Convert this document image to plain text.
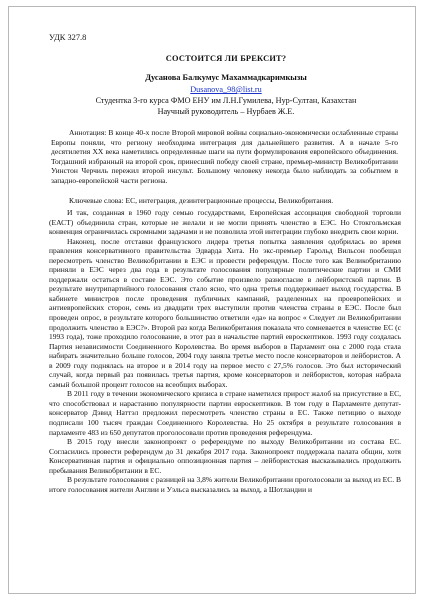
УДК 327.8
СОСТОИТСЯ ЛИ БРЕКСИТ?
Дусанова Балкумус Махаммадкаримкызы
Dusanova_98@list.ru
Студентка 3-го курса ФМО ЕНУ им Л.Н.Гумилева, Нур-Султан, Казахстан
Научный руководитель – Нурбаев Ж.Е.

Аннотация: В конце 40-х после Второй мировой войны социально-экономически ослабленные страны Европы поняли, что региону необходима интеграция для дальнейшего развития. А в начале 5-го десятилетия XX века наметились определенные шаги на пути формулирования европейского объединения. Тогдашний избранный на второй срок, принесший победу своей стране, премьер-министр Великобритании Уинстон Черчиль пережил второй инсульт. Большому человеку некогда было наблюдать за событием в западно-европейской части региона.

Ключевые слова: ЕС, интеграция, дезинтеграционные процессы, Великобритания.

И так, созданная в 1960 году семью государствами, Европейская ассоциация свободной торговли (ЕАСТ) объединила стран, которые не желали и не могли принять членство в ЕЭС. Но Стокгольмская конвенция ограничилась скромными задачами и не позволила этой интеграции глубоко внедрить свои корни.

Наконец, после отставки французского лидера третья попытка заявления одобрилась во время правления консервативного правительства Эдварда Хита. Но экс-премьер Гарольд Вильсон пообещал пересмотреть членство Великобритании в ЕЭС и провести референдум. После того как Великобританию приняли в ЕЭС через два года в результате голосования популярные политические партии и СМИ поддержали остаться в составе ЕЭС. Это событие произвело разногласие в лейбористской партии. В результате внутрипартийного голосования стало ясно, что одна третья поддерживает выход государства. В кабинете министров после проведения публичных кампаний, разделенных на проевропейских и антиевропейских сторон, семь из двадцати трех выступили против членства страны в ЕЭС. После был проведен опрос, в результате которого большинство ответили «да» на вопрос « Следует ли Великобритании продолжить членство в ЕЭС?». Второй раз когда Великобритания показала что сомневается в членстве ЕС (с 1993 года), тоже проходило голосование, в этот раз в начальстве партий евроскептиков. 1993 году создалась Партия независимости Соединенного Королевства. Во время выборов в Парламент она с 2000 года стала набирать значительно больше голосов, 2004 году заняла третье место после консерваторов и лейбористов. А в 2009 году поднялась на второе и в 2014 году на первое место с 27,5% голосов. Это был исторический случай, когда первый раз появилась третья партия, кроме консерваторов и лейбористов, которая набрала самый большой процент голосов на всеобщих выборах.

В 2011 году в течении экономического кризиса в стране наметился прирост жалоб на присутствие в ЕС, что способствовал и нарастанию популярности партии евроскептиков. В том году в Парламенте депутат-консерватор Дэвид Наттэл предложил пересмотреть членство страны в ЕС. Также петицию о выходе подписали 100 тысяч граждан Соединенного Королевства. Но 25 октября в результате голосования в парламенте 483 из 650 депутатов проголосовали против проведения референдума.

В 2015 году внесли законопроект о референдуме по выходу Великобритании из состава ЕС. Согласились провести референдум до 31 декабря 2017 года. Законопроект поддержала палата общин, хотя Консервативная партия и официально оппозиционная партия – лейбористская высказывались продолжить пребывания Великобритании в ЕС.

В результате голосования с разницей на 3,8% жители Великобритании проголосовали за выход из ЕС. В итоге голосования жители Англии и Уэльса высказались за выход, а Шотландии и
